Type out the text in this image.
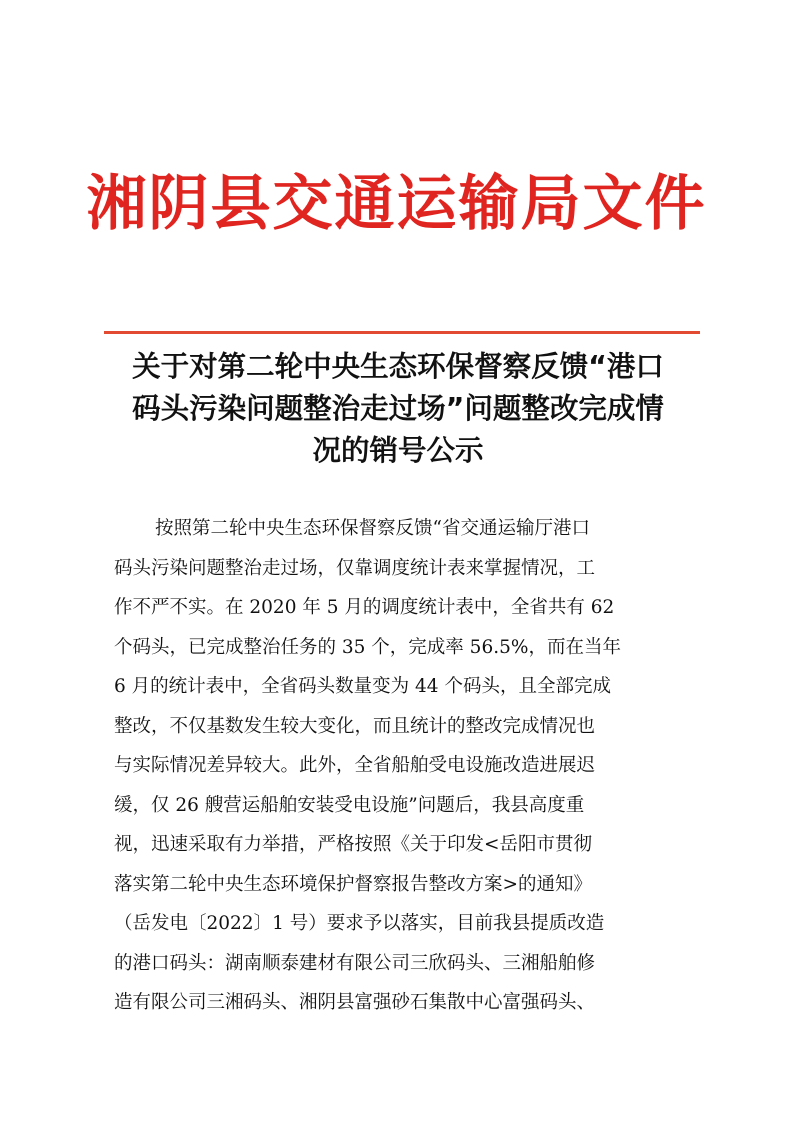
湘阴县交通运输局文件
关于对第二轮中央生态环保督察反馈“港口
码头污染问题整治走过场”问题整改完成情
况的销号公示
按照第二轮中央生态环保督察反馈“省交通运输厅港口
码头污染问题整治走过场，仅靠调度统计表来掌握情况，工
作不严不实。在 2020 年 5 月的调度统计表中，全省共有 62
个码头，已完成整治任务的 35 个，完成率 56.5%，而在当年
6 月的统计表中，全省码头数量变为 44 个码头，且全部完成
整改，不仅基数发生较大变化，而且统计的整改完成情况也
与实际情况差异较大。此外，全省船舶受电设施改造进展迟
缓，仅 26 艘营运船舶安装受电设施”问题后，我县高度重
视，迅速采取有力举措，严格按照《关于印发<岳阳市贯彻
落实第二轮中央生态环境保护督察报告整改方案>的通知》
（岳发电〔2022〕1 号）要求予以落实，目前我县提质改造
的港口码头：湖南顺泰建材有限公司三欣码头、三湘船舶修
造有限公司三湘码头、湘阴县富强砂石集散中心富强码头、
